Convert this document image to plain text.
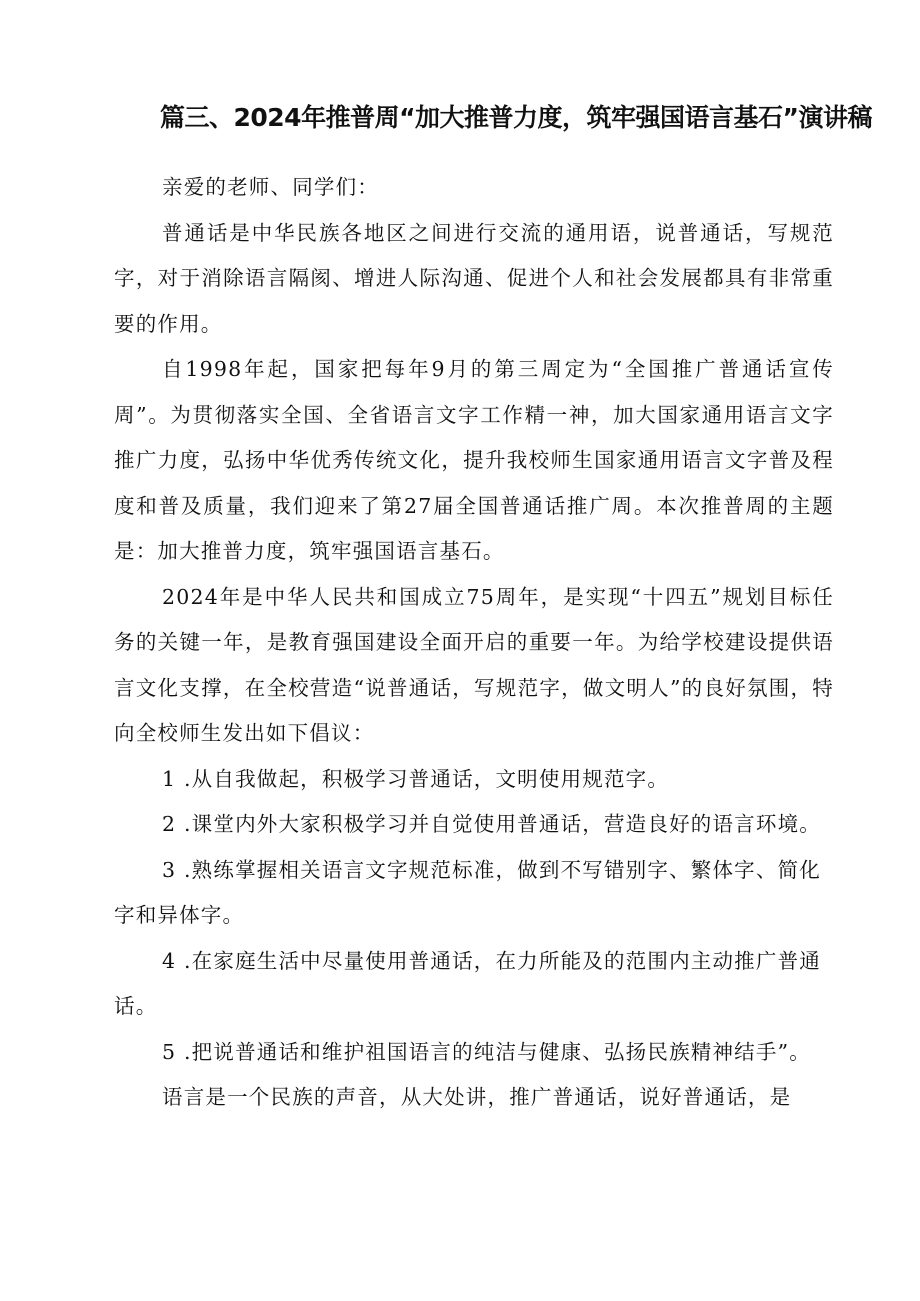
篇三、2024年推普周“加大推普力度，筑牢强国语言基石”演讲稿

亲爱的老师、同学们：

普通话是中华民族各地区之间进行交流的通用语，说普通话，写规范字，对于消除语言隔阂、增进人际沟通、促进个人和社会发展都具有非常重要的作用。

自1998年起，国家把每年9月的第三周定为“全国推广普通话宣传周”。为贯彻落实全国、全省语言文字工作精一神，加大国家通用语言文字推广力度，弘扬中华优秀传统文化，提升我校师生国家通用语言文字普及程度和普及质量，我们迎来了第27届全国普通话推广周。本次推普周的主题是：加大推普力度，筑牢强国语言基石。

2024年是中华人民共和国成立75周年，是实现“十四五”规划目标任务的关键一年，是教育强国建设全面开启的重要一年。为给学校建设提供语言文化支撑，在全校营造“说普通话，写规范字，做文明人”的良好氛围，特向全校师生发出如下倡议：

1 .从自我做起，积极学习普通话，文明使用规范字。

2 .课堂内外大家积极学习并自觉使用普通话，营造良好的语言环境。

3 .熟练掌握相关语言文字规范标准，做到不写错别字、繁体字、简化字和异体字。

4 .在家庭生活中尽量使用普通话，在力所能及的范围内主动推广普通话。

5 .把说普通话和维护祖国语言的纯洁与健康、弘扬民族精神结手”。

语言是一个民族的声音，从大处讲，推广普通话，说好普通话，是
